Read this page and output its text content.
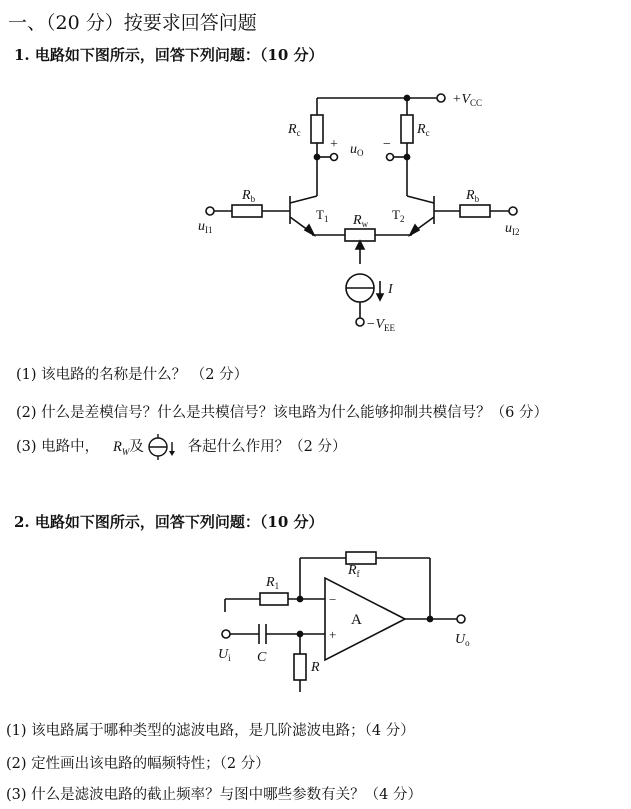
一、（20 分）按要求回答问题
1. 电路如下图所示，回答下列问题：（10 分）
$+V_{CC}$
$R_c$	$R_c$
+	−
$u_O$
$R_b$	$R_b$
$T_1$	$T_2$
$R_w$
$u_{I1}$	$u_{I2}$
I
$-V_{EE}$
(1) 该电路的名称是什么？ （2 分）
(2) 什么是差模信号？什么是共模信号？该电路为什么能够抑制共模信号？（6 分）
(3) 电路中， $R_W$及	各起什么作用？（2 分）
2. 电路如下图所示，回答下列问题：（10 分）
$R_f$
$R_1$
−
+
A
$U_i$ C
R
$U_o$
(1) 该电路属于哪种类型的滤波电路，是几阶滤波电路；（4 分）
(2) 定性画出该电路的幅频特性；（2 分）
(3) 什么是滤波电路的截止频率？与图中哪些参数有关？（4 分）
